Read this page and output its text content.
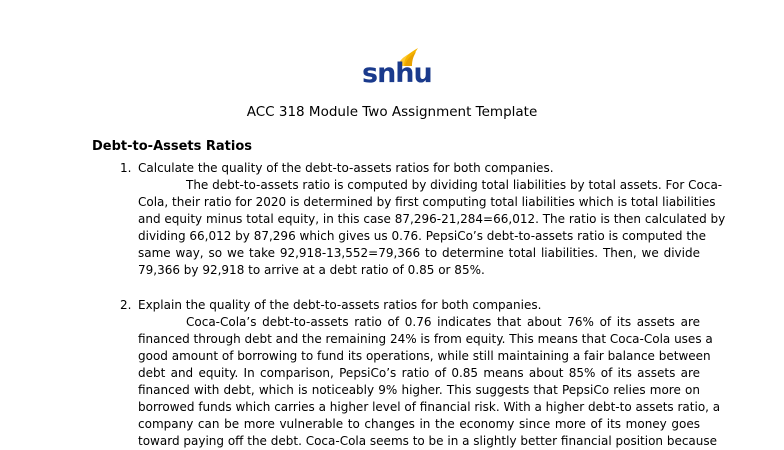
snhu
ACC 318 Module Two Assignment Template
Debt-to-Assets Ratios
1. Calculate the quality of the debt-to-assets ratios for both companies.
The debt-to-assets ratio is computed by dividing total liabilities by total assets. For Coca-
Cola, their ratio for 2020 is determined by first computing total liabilities which is total liabilities
and equity minus total equity, in this case 87,296-21,284=66,012. The ratio is then calculated by
dividing 66,012 by 87,296 which gives us 0.76. PepsiCo’s debt-to-assets ratio is computed the
same way, so we take 92,918-13,552=79,366 to determine total liabilities. Then, we divide
79,366 by 92,918 to arrive at a debt ratio of 0.85 or 85%.
2. Explain the quality of the debt-to-assets ratios for both companies.
Coca-Cola’s debt-to-assets ratio of 0.76 indicates that about 76% of its assets are
financed through debt and the remaining 24% is from equity. This means that Coca-Cola uses a
good amount of borrowing to fund its operations, while still maintaining a fair balance between
debt and equity. In comparison, PepsiCo’s ratio of 0.85 means about 85% of its assets are
financed with debt, which is noticeably 9% higher. This suggests that PepsiCo relies more on
borrowed funds which carries a higher level of financial risk. With a higher debt-to assets ratio, a
company can be more vulnerable to changes in the economy since more of its money goes
toward paying off the debt. Coca-Cola seems to be in a slightly better financial position because
